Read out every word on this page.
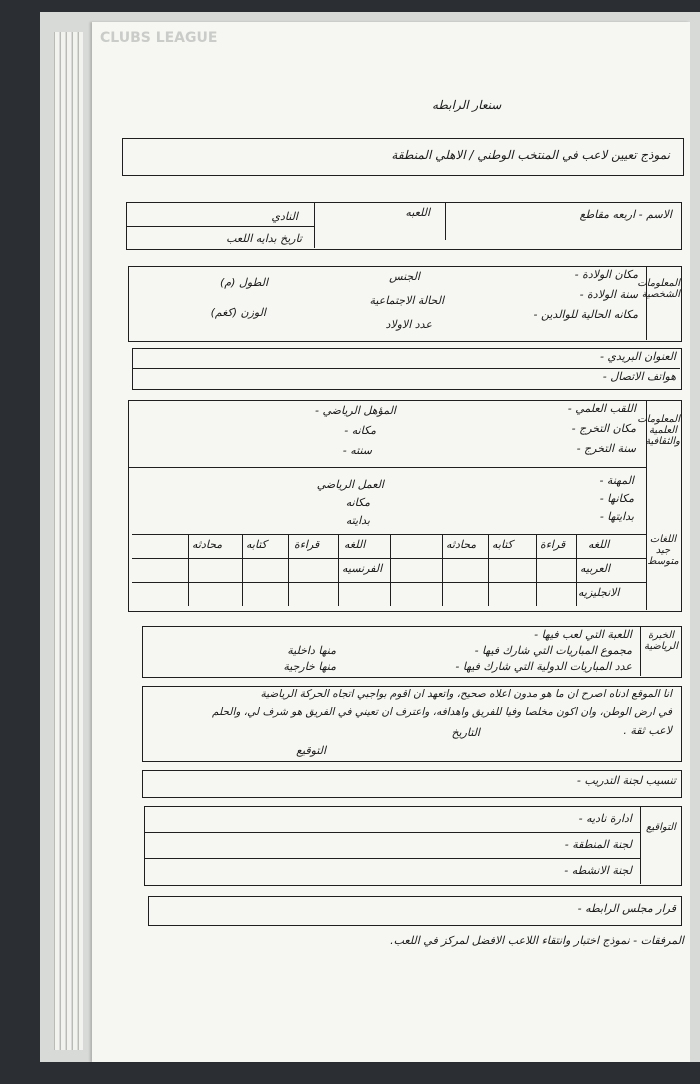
CLUBS LEAGUE
سنعار الرابطه
نموذج تعيين لاعب في المنتخب الوطني / الاهلي المنطقة
الاسم - اربعه مقاطع
اللعبه
النادي
تاريخ بدايه اللعب
المعلومات الشخصية
مكان الولادة -
سنة الولادة -
مكانه الحالية للوالدين -
الجنس
الحالة الاجتماعية
عدد الاولاد
الطول (م)
الوزن (كغم)
العنوان البريدي -
هواتف الاتصال -
المعلومات العلمية والثقافية
اللغات جيد متوسط
اللقب العلمي -
مكان التخرج -
سنة التخرج -
المؤهل الرياضي -
مكانه -
سنته -
المهنة -
مكانها -
بدايتها -
العمل الرياضي
مكانه
بدايته
اللغه
قراءة
كتابه
محادثه
اللغه
قراءة
كتابه
محادثه
العربيه
الانجليزيه
الفرنسيه
الخبرة الرياضية
اللعبة التي لعب فيها -
مجموع المباريات التي شارك فيها -
عدد المباريات الدولية التي شارك فيها -
منها داخلية
منها خارجية
انا الموقع ادناه اصرح ان ما هو مدون اعلاه صحيح، واتعهد ان اقوم بواجبي اتجاه الحركة الرياضية
في ارض الوطن، وان اكون مخلصا وفيا للفريق واهدافه، واعترف ان تعيني في الفريق هو شرف لي، والحلم
لاعب ثقة .
التاريخ
التوقيع
تنسيب لجنة التدريب -
التواقيع
ادارة ناديه -
لجنة المنطقة -
لجنة الانشطه -
قرار مجلس الرابطه -
المرفقات - نموذج اختبار وانتقاء اللاعب الافضل لمركز في اللعب.
